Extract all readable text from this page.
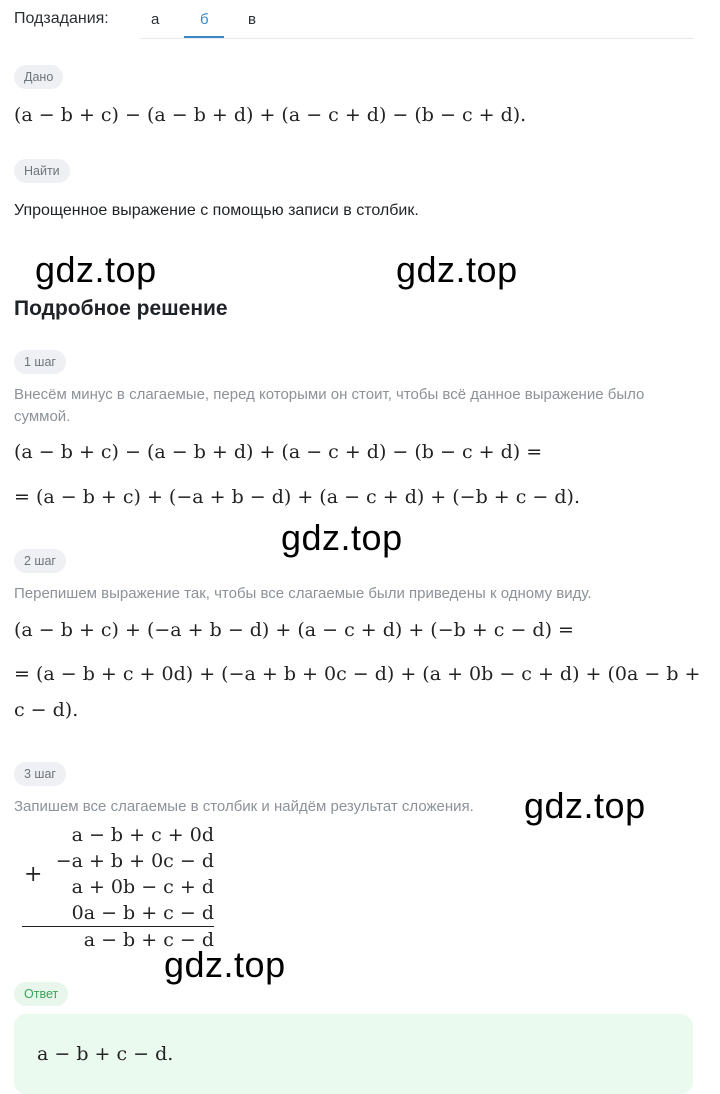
Подзадания:	а	б	в
Дано
(a − b + c) − (a − b + d) + (a − c + d) − (b − c + d).
Найти
Упрощенное выражение с помощью записи в столбик.
gdz.top	gdz.top
Подробное решение
1 шаг
Внесём минус в слагаемые, перед которыми он стоит, чтобы всё данное выражение было суммой.
(a − b + c) − (a − b + d) + (a − c + d) − (b − c + d) =
= (a − b + c) + (−a + b − d) + (a − c + d) + (−b + c − d).
gdz.top
2 шаг
Перепишем выражение так, чтобы все слагаемые были приведены к одному виду.
(a − b + c) + (−a + b − d) + (a − c + d) + (−b + c − d) =
= (a − b + c + 0d) + (−a + b + 0c − d) + (a + 0b − c + d) + (0a − b +
c − d).
3 шаг
Запишем все слагаемые в столбик и найдём результат сложения. gdz.top
+
a − b + c + 0d
−a + b + 0c − d
a + 0b − c + d
0a − b + c − d
a − b + c − d
gdz.top
Ответ
a − b + c − d.
